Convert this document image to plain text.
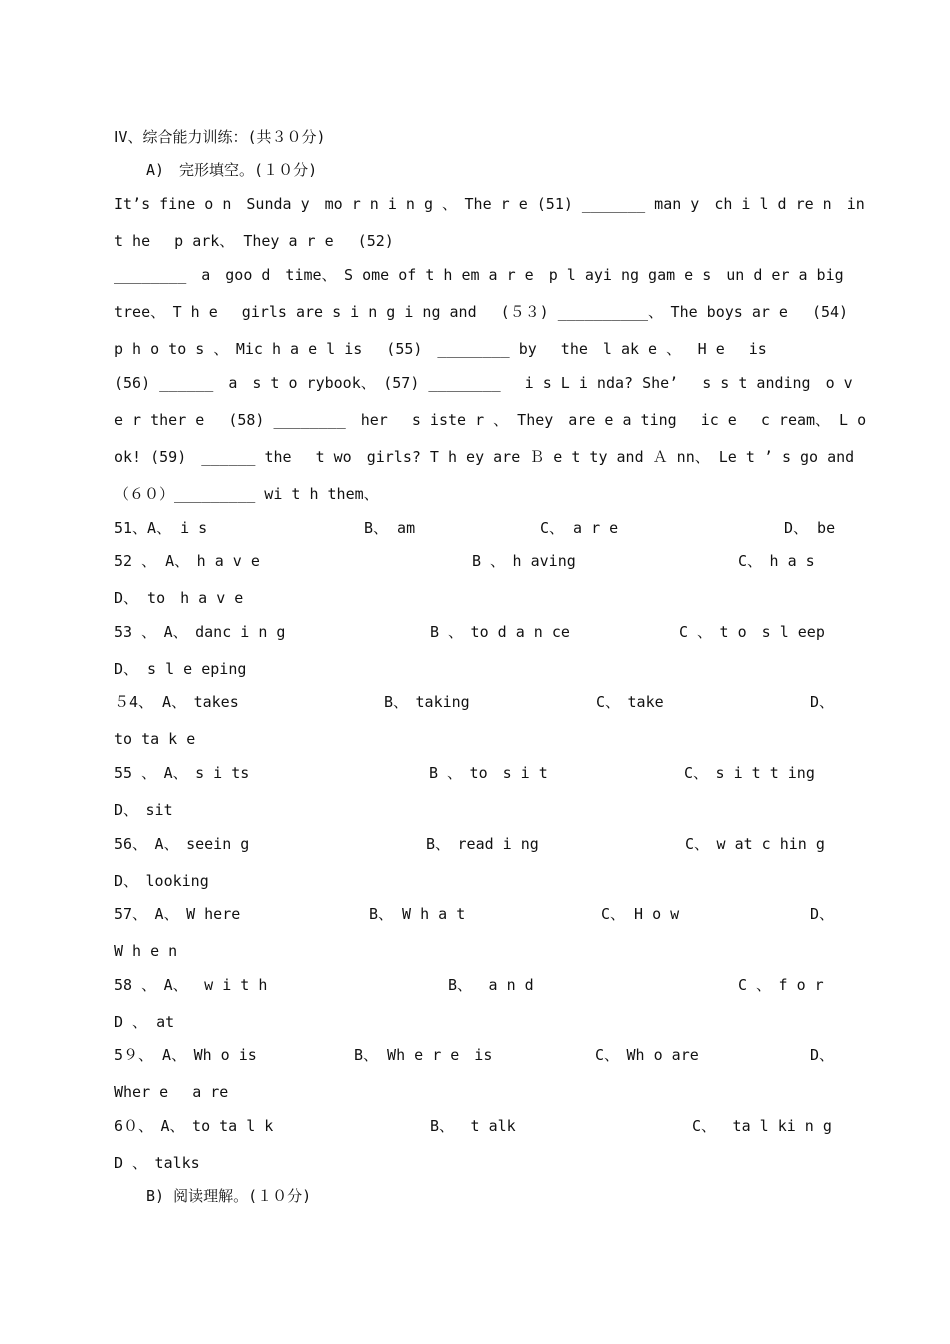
ⅠV、综合能力训练：(共３０分)
A)　完形填空。(１０分)
It’s fine o n　Sunda y　mo r n i n g 、　The r e (51) _______ man y　ch i l d re n　in
t he　 p ark、 They a r e　 (52)
________　a　goo d　time、　S ome of t h em a r e　p l ayi ng gam e s　un d er a big
tree、　T h e　 girls are s i n g i ng and　 (５３) __________、　The boys ar e　 (54)
p h o to s 、　Mic h a e l is　 (55)　________ by　 the　l ak e 、　 H e　 is
(56) ______　a　s t o rybook、　(57) ________　 i s L i nda? She’　 s s t anding　o v
e r ther e　 (58) ________　her　 s iste r 、 They　are e a ting　 ic e　 c ream、 L o
ok! (59)　______ the　 t wo　girls? T h ey are Ｂ e t ty and Ａ nn、 Le t ’ s go and
（６０）_________ wi t h them、
51、A、 i s	B、 am	C、 a r e	D、 be
52 、 A、　h a v e	B 、　h aving	C、　h a s
D、 to　h a v e
53 、　A、　danc i n g	B 、　to d a n ce	C 、　t o　s l eep
D、 s l e eping
５4、 A、　takes	B、　taking	C、　take	D、
to ta k e
55 、　A、　s i ts	B 、　to　s i t	C、　s i t t ing
D、　sit
56、　A、　seein g	B、　read i ng	C、　w at c hin g
D、　looking
57、　A、　W here	B、 W h a t	C、 H o w	D、
W h e n
58 、　A、　 w i t h	B、　 a n d	C 、　f o r
D 、 at
5９、 A、　Wh o is	B、 Wh e r e　is	C、　Wh o are	D、
Wher e　 a re
6０、　A、　to ta l k	B、　 t alk	C、　 ta l ki n g
D 、　talks
B) 阅读理解。(１０分)
